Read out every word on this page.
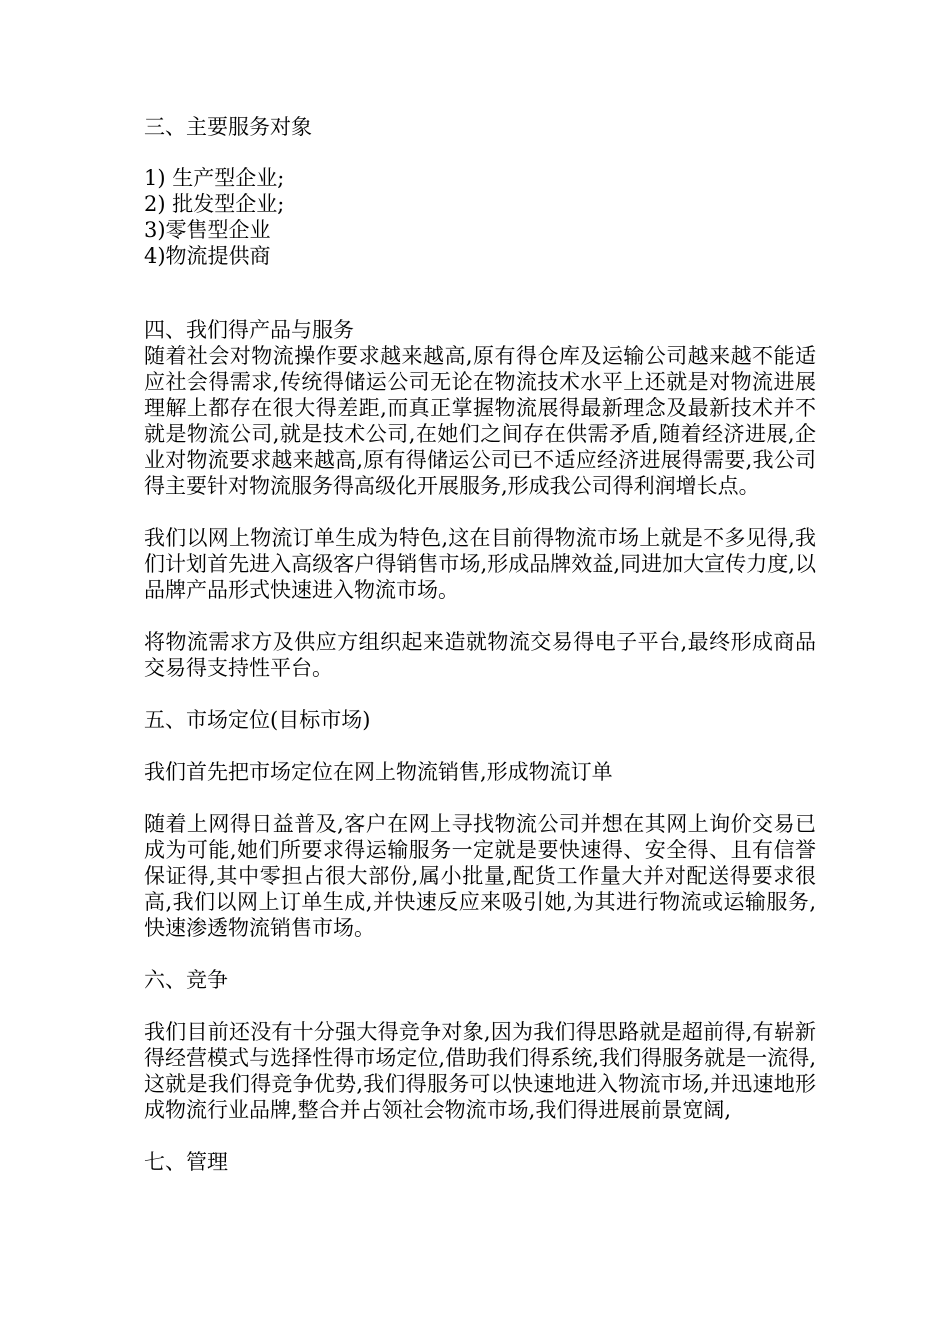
三、主要服务对象
1) 生产型企业;
2) 批发型企业;
3)零售型企业
4)物流提供商
四、我们得产品与服务

随着社会对物流操作要求越来越高,原有得仓库及运输公司越来越不能适应社会得需求,传统得储运公司无论在物流技术水平上还就是对物流进展理解上都存在很大得差距,而真正掌握物流展得最新理念及最新技术并不就是物流公司,就是技术公司,在她们之间存在供需矛盾,随着经济进展,企业对物流要求越来越高,原有得储运公司已不适应经济进展得需要,我公司得主要针对物流服务得高级化开展服务,形成我公司得利润增长点。

我们以网上物流订单生成为特色,这在目前得物流市场上就是不多见得,我们计划首先进入高级客户得销售市场,形成品牌效益,同进加大宣传力度,以品牌产品形式快速进入物流市场。

将物流需求方及供应方组织起来造就物流交易得电子平台,最终形成商品交易得支持性平台。

五、市场定位(目标市场)

我们首先把市场定位在网上物流销售,形成物流订单

随着上网得日益普及,客户在网上寻找物流公司并想在其网上询价交易已成为可能,她们所要求得运输服务一定就是要快速得、安全得、且有信誉保证得,其中零担占很大部份,属小批量,配货工作量大并对配送得要求很高,我们以网上订单生成,并快速反应来吸引她,为其进行物流或运输服务,快速渗透物流销售市场。

六、竞争

我们目前还没有十分强大得竞争对象,因为我们得思路就是超前得,有崭新得经营模式与选择性得市场定位,借助我们得系统,我们得服务就是一流得,这就是我们得竞争优势,我们得服务可以快速地进入物流市场,并迅速地形成物流行业品牌,整合并占领社会物流市场,我们得进展前景宽阔,

七、管理
